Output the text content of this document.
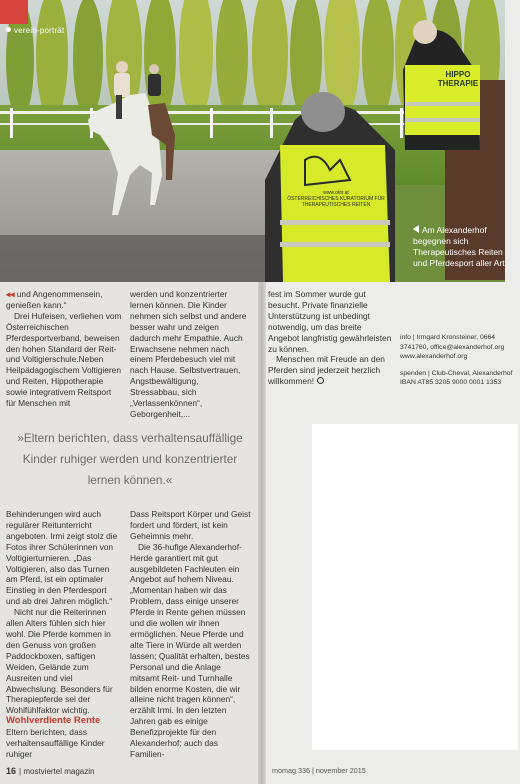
HIPPO THERAPIE
www.oktr.at
ÖSTERREICHISCHES KURATORIUM FÜR
THERAPEUTISCHES REITEN
verein-porträt
Am Alexanderhof begegnen sich Therapeutisches Reiten und Pferdesport aller Art

◂◂ und Angenommensein, genießen kann.“

Drei Hufeisen, verliehen vom Österreichischen Pferdesportverband, beweisen den hohen Standard der Reit- und Voltigierschule.Neben Heilpädagogischem Voltigieren und Reiten, Hippotherapie sowie integrativem Reitsport für Menschen mit

werden und konzentrierter lernen können. Die Kinder nehmen sich selbst und andere besser wahr und zeigen dadurch mehr Empathie. Auch Erwachsene nehmen nach einem Pferdebesuch viel mit nach Hause. Selbstvertrauen, Angstbewältigung, Stressabbau, sich „Verlassenkönnen“, Geborgenheit,...

fest im Sommer wurde gut besucht. Private finanzielle Unterstützung ist unbedingt notwendig, um das breite Angebot langfristig gewährleisten zu können.

Menschen mit Freude an den Pferden sind jederzeit herzlich willkommen!

info | Irmgard Kronsteiner, 0664 3741760, office@alexanderhof.org www.alexanderhof.org

spenden | Club-Cheval, Alexanderhof IBAN AT85 3205 9000 0001 1353

»Eltern berichten, dass verhaltensauffällige Kinder ruhiger werden und konzentrierter lernen können.«

Behinderungen wird auch regulärer Reitunterricht angeboten. Irmi zeigt stolz die Fotos ihrer Schülerinnen von Voltigierturnieren. „Das Voltigieren, also das Turnen am Pferd, ist ein optimaler Einstieg in den Pferdesport und ab drei Jahren möglich.“

Nicht nur die Reiterinnen allen Alters fühlen sich hier wohl. Die Pferde kommen in den Genuss von großen Paddockboxen, saftigen Weiden, Gelände zum Ausreiten und viel Abwechslung. Besonders für Therapiepferde sei der Wohlfühlfaktor wichtig.

Wohlverdiente Rente

Eltern berichten, dass verhaltensauffällige Kinder ruhiger

Dass Reitsport Körper und Geist fordert und fördert, ist kein Geheimnis mehr.

Die 36-hufige Alexanderhof-Herde garantiert mit gut ausgebildeten Fachleuten ein Angebot auf hohem Niveau. „Momentan haben wir das Problem, dass einige unserer Pferde in Rente gehen müssen und die wollen wir ihnen ermöglichen. Neue Pferde und alte Tiere in Würde alt werden lassen; Qualität erhalten, bestes Personal und die Anlage mitsamt Reit- und Turnhalle bilden enorme Kosten, die wir alleine nicht tragen können“, erzählt Irmi. In den letzten Jahren gab es einige Benefizprojekte für den Alexanderhof; auch das Familien-

16 | mostviertel magazin	momag 336 | november 2015
